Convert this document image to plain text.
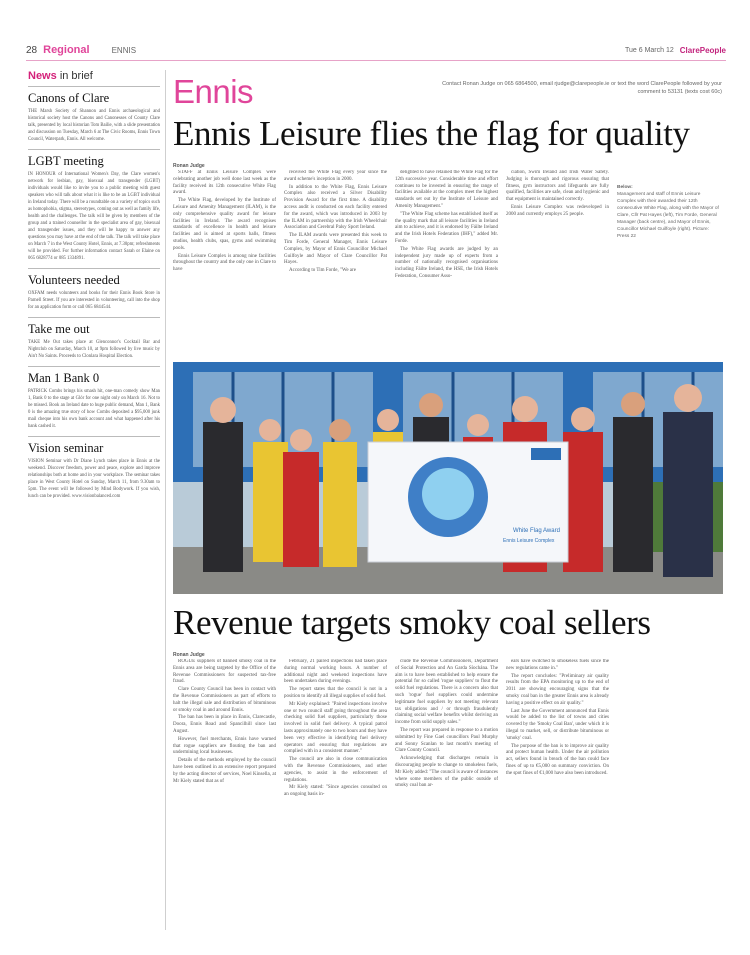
28 Regional	ENNIS	Tue 6 March 12 ClarePeople
News in brief
Canons of Clare

THE Marsh Society of Shannon and Ennis archaeological and historical society host the Canons and Canonesses of County Clare talk, presented by local historian Tom Bailie, with a slide presentation and discussion on Tuesday, March 6 at The Civic Rooms, Ennis Town Council, Waterpark, Ennis. All welcome.

LGBT meeting

IN HONOUR of International Women's Day, the Clare women's network for lesbian, gay, bisexual and transgender (LGBT) individuals would like to invite you to a public meeting with guest speakers who will talk about what it is like to be an LGBT individual in Ireland today. There will be a roundtable on a variety of topics such as homophobia, stigma, stereotypes, coming out as well as family life, health and the challenges. The talk will be given by members of the group and a trained counsellor in the specialist area of gay, bisexual and transgender issues, and they will be happy to answer any questions you may have at the end of the talk. The talk will take place on March 7 in the West County Hotel, Ennis, at 7.30pm; refreshments will be provided. For further information contact Sarah or Elaine on 065 6828774 or 085 1334891.

Volunteers needed

OXFAM needs volunteers and books for their Ennis Book Store in Parnell Street. If you are interested in volunteering, call into the shop for an application form or call 065 6844544.

Take me out

TAKE Me Out takes place at Glenconnor's Cocktail Bar and Nightclub on Saturday, March 10, at 9pm followed by live music by Ain't No Saints. Proceeds to Clonlara Hospital Election.

Man 1 Bank 0

PATRICK Combs brings his smash hit, one-man comedy show Man 1, Bank 0 to the stage at Glór for one night only on March 16. Not to be missed. Book an Ireland date to huge public demand, Man 1, Bank 0 is the amazing true story of how Combs deposited a $95,000 junk mail cheque into his own bank account and what happened after his bank cashed it.

Vision seminar

VISION Seminar with Dr Diane Lynch takes place in Ennis at the weekend. Discover freedom, power and peace, explore and improve relationships both at home and in your workplace. The seminar takes place in West County Hotel on Sunday, March 11, from 9.30am to 5pm. The event will be followed by Mind Bodywork. If you wish, lunch can be provided. www.visionbalanced.com

Ennis	Contact Ronan Judge on 065 6864500, email rjudge@clarepeople.ie or text the word ClarePeople followed by your comment to 53131 (texts cost 60c)
Ennis Leisure flies the flag for quality
Ronan Judge

STAFF at Ennis Leisure Complex were celebrating another job well done last week as the facility received its 12th consecutive White Flag award.

The White Flag, developed by the Institute of Leisure and Amenity Management (ILAM), is the only comprehensive quality award for leisure facilities in Ireland. The award recognises standards of excellence in health and leisure facilities and is aimed at sports halls, fitness studios, health clubs, spas, gyms and swimming pools.

Ennis Leisure Complex is among nine facilities throughout the country and the only one in Clare to have

received the White Flag every year since the award scheme's inception in 2000.

In addition to the White Flag, Ennis Leisure Complex also received a Silver Disability Provision Award for the first time. A disability access audit is conducted on each facility entered for the award, which was introduced in 2003 by the ILAM in partnership with the Irish Wheelchair Association and Cerebral Palsy Sport Ireland.

The ILAM awards were presented this week to Tim Forde, General Manager, Ennis Leisure Complex, by Mayor of Ennis Councillor Michael Guilfoyle and Mayor of Clare Councillor Pat Hayes.

According to Tim Forde, "We are

delighted to have retained the White Flag for the 12th successive year. Considerable time and effort continues to be invested in ensuring the range of facilities available at the complex meet the highest standards set out by the Institute of Leisure and Amenity Management."

"The White Flag scheme has established itself as the quality mark that all leisure facilities in Ireland aim to achieve, and it is endorsed by Fáilte Ireland and the Irish Hotels Federation (IHF)," added Mr. Forde.

The White Flag awards are judged by an independent jury made up of experts from a number of nationally recognised organisations including Fáilte Ireland, the HSE, the Irish Hotels Federation, Consumer Asso-

ciation, Swim Ireland and Irish Water Safety. Judging is thorough and rigorous ensuring that fitness, gym instructors and lifeguards are fully qualified, facilities are safe, clean and hygienic and that equipment is maintained correctly.

Ennis Leisure Complex was redeveloped in 2000 and currently employs 25 people.

Below:
Management and staff of Ennis Leisure Complex with their awarded their 12th consecutive White Flag, along with the Mayor of Clare, Cllr Pat Hayes (left), Tim Forde, General Manager (back centre), and Mayor of Ennis, Councillor Michael Guilfoyle (right). Picture: Press 22
White Flag Award
Ennis Leisure Complex
Revenue targets smoky coal sellers
Ronan Judge

ROGUE suppliers of banned smoky coal in the Ennis area are being targeted by the Office of the Revenue Commissioners for suspected tax-free fraud.

Clare County Council has been in contact with the Revenue Commissioners as part of efforts to halt the illegal sale and distribution of bituminous or smoky coal in and around Ennis.

The ban has been in place in Ennis, Clarecastle, Doora, Ennis Road and Spancilhill since last August.

However, fuel merchants, Ennis have warned that rogue suppliers are flouting the ban and undermining local businesses.

Details of the methods employed by the council have been outlined in an extensive report prepared by the acting director of services, Noel Kinsella, at Mr Kiely stated that as of

February, 21 paired inspections had taken place during normal working hours. A number of additional night and weekend inspections have been undertaken during evenings.

The report states that the council is not in a position to identify all illegal supplies of solid fuel.

Mr Kiely explained: "Paired inspections involve one or two council staff going throughout the area checking solid fuel suppliers, particularly those involved in solid fuel delivery. A typical patrol lasts approximately one to two hours and they have been very effective in identifying fuel delivery operators and ensuring that regulations are complied with in a consistent manner."

The council are also in close communication with the Revenue Commissioners, and other agencies, to assist in the enforcement of regulations.

Mr Kiely stated: "Since agencies consulted on an ongoing basis in-

clude the Revenue Commissioners, Department of Social Protection and An Garda Síochána. The aim is to have been established to help ensure the potential for so called 'rogue suppliers' to flout the solid fuel regulations. There is a concern also that such 'rogue' fuel suppliers could undermine legitimate fuel suppliers by not meeting relevant tax obligations and / or through fraudulently claiming social welfare benefits whilst deriving an income from solid supply sales."

The report was prepared in response to a motion submitted by Fine Gael councillors Paul Murphy and Sonny Scanlan to last month's meeting of Clare County Council.

Acknowledging that discharges remain in discouraging people to change to smokeless fuels, Mr Kiely added: "The council is aware of instances where some members of the public outside of smoky coal ban ar-

ears have switched to smokeless fuels since the new regulations came in."

The report concludes: "Preliminary air quality results from the EPA monitoring up to the end of 2011 are showing encouraging signs that the smoky coal ban in the greater Ennis area is already having a positive effect on air quality."

Last June the Government announced that Ennis would be added to the list of towns and cities covered by the 'Smoky Coal Ban', under which it is illegal to market, sell, or distribute bituminous or 'smoky' coal.

The purpose of the ban is to improve air quality and protect human health. Under the air pollution act, sellers found in breach of the ban could face fines of up to €5,000 on summary conviction. On the spot fines of €1,000 have also been introduced.
